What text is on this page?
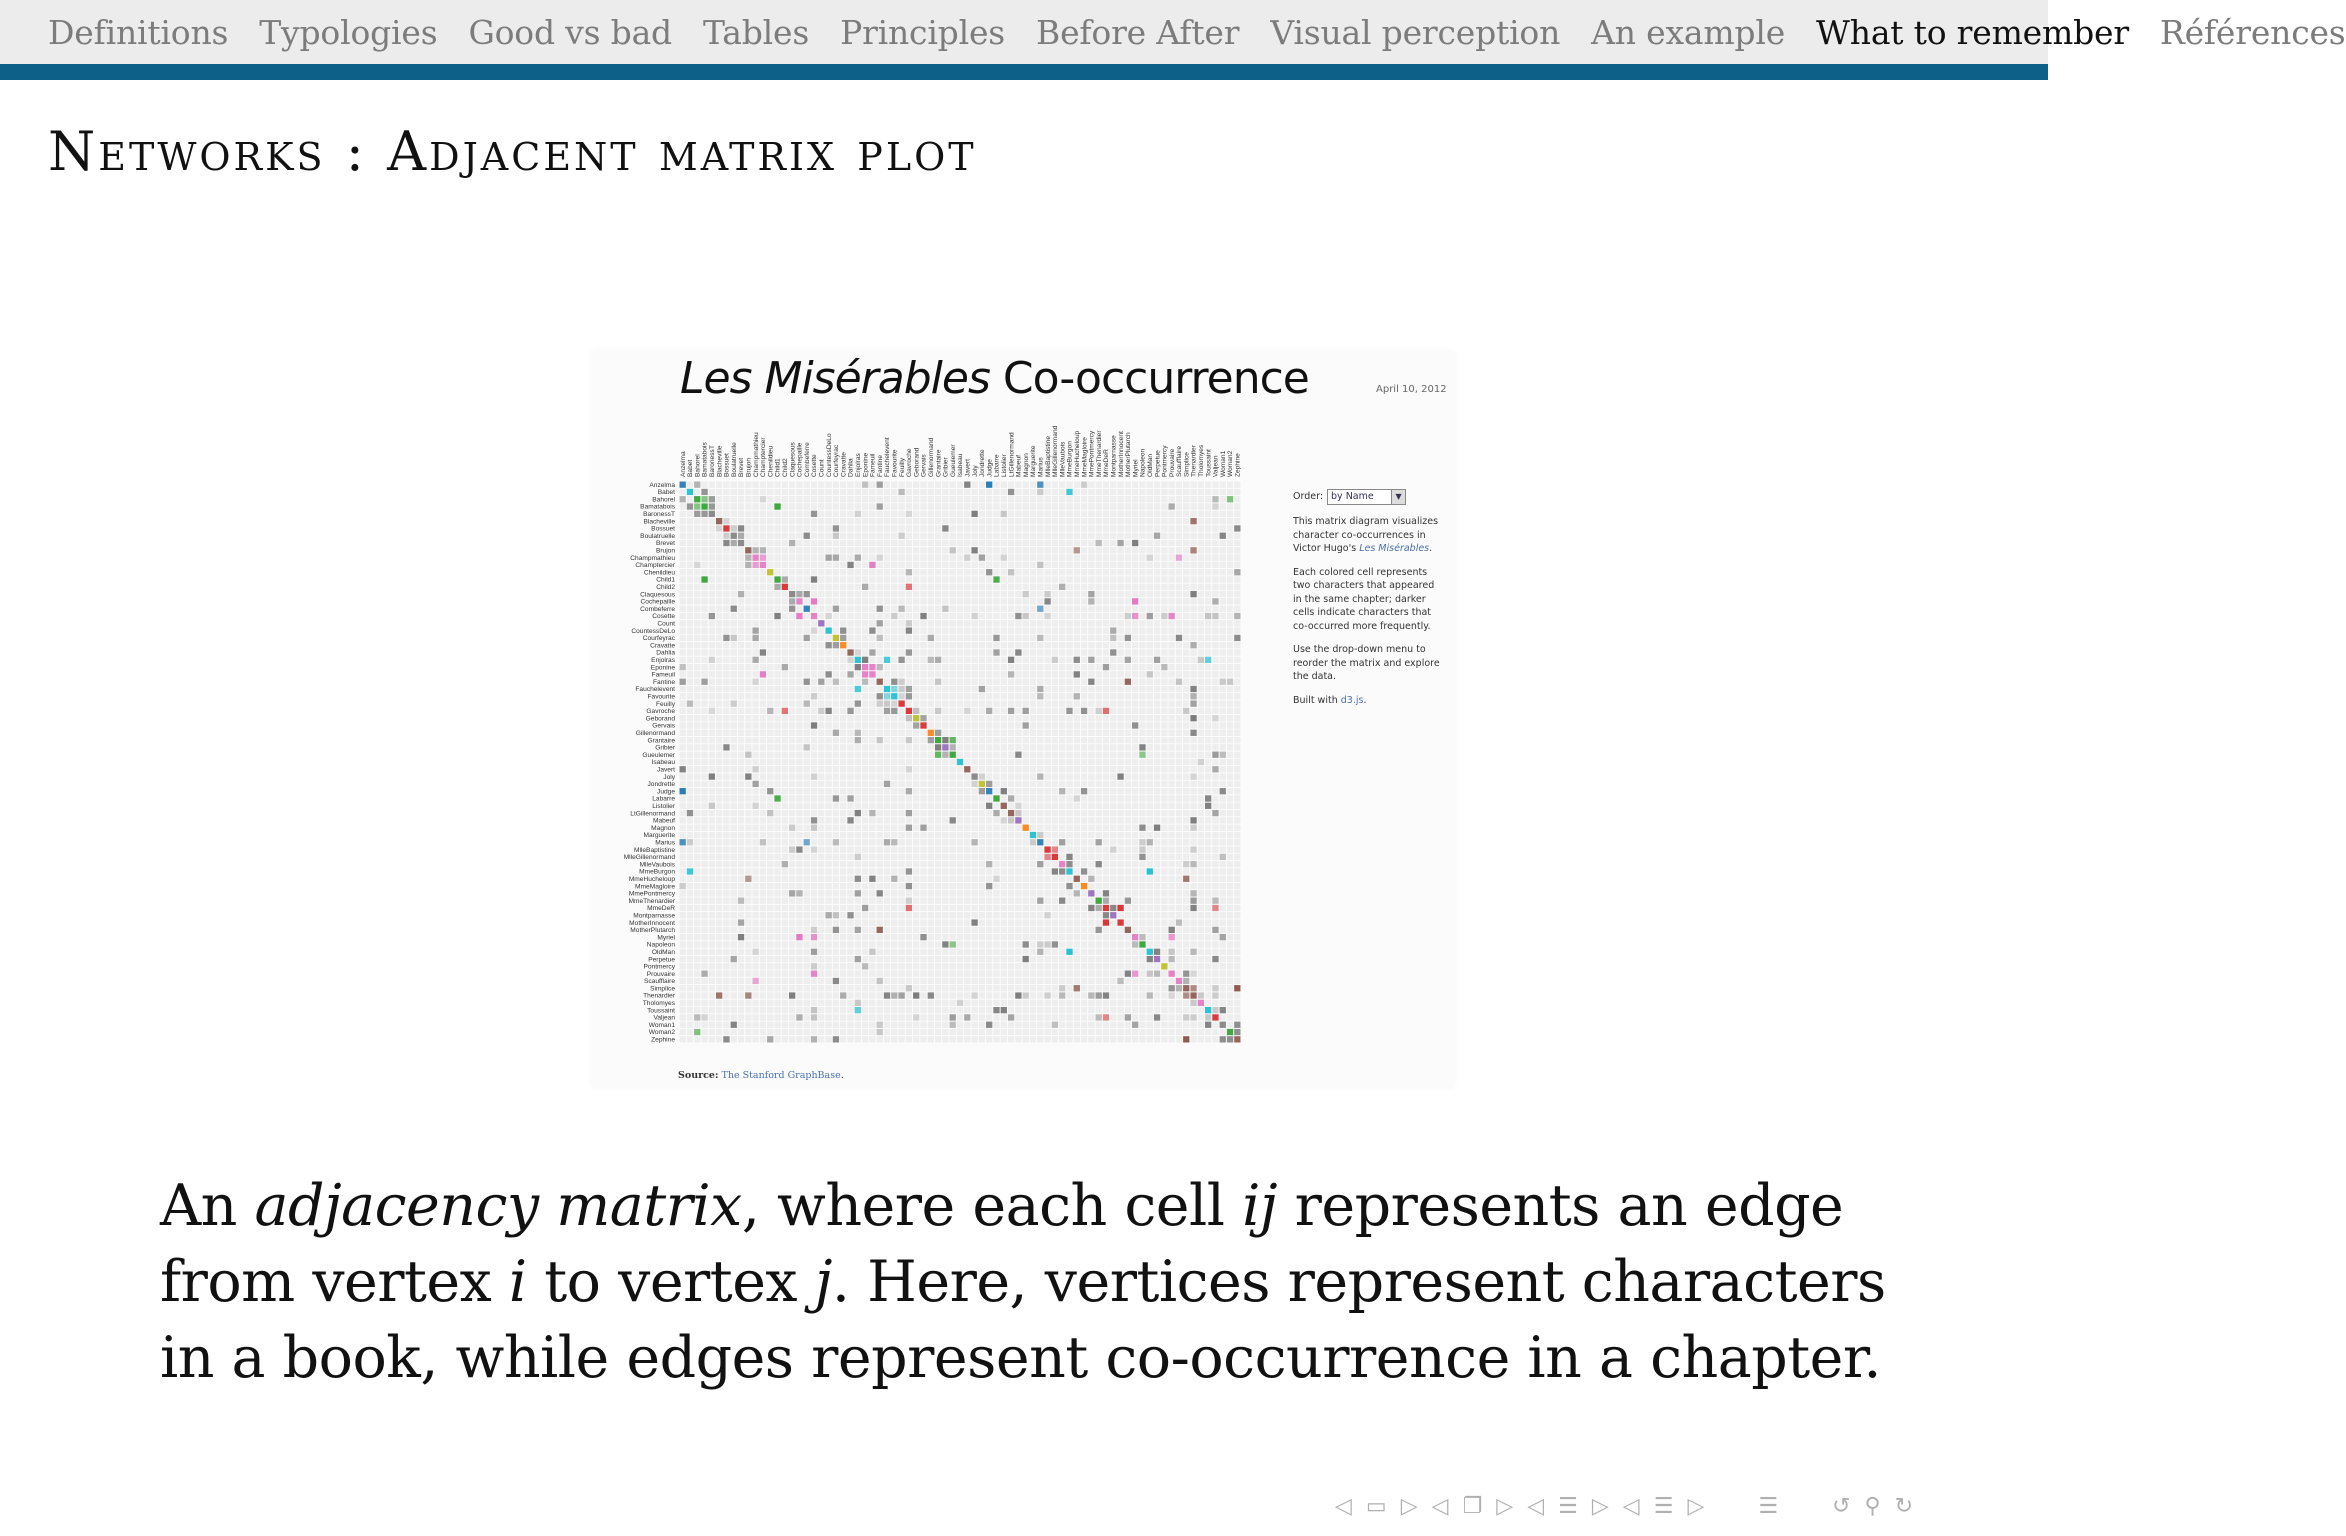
Definitions Typologies Good vs bad Tables Principles Before After Visual perception An example What to remember Références
Networks : Adjacent matrix plot
Les Misérables Co-occurrence	April 10, 2012
Anzelma
Anzelma
Babet
Babet
Bahorel
Bahorel
Bamatabois
Bamatabois
BaronessT
BaronessT
Blacheville
Blacheville
Bossuet
Bossuet
Boulatruelle
Boulatruelle
Brevet
Brevet
Brujon
Brujon
Champmathieu
Champmathieu
Champtercier
Champtercier
Chenildieu
Chenildieu
Child1
Child1
Child2
Child2
Claquesous
Claquesous
Cochepaille
Cochepaille
Combeferre
Combeferre
Cosette
Cosette
Count
Count
CountessDeLo
CountessDeLo
Courfeyrac
Courfeyrac
Cravatte
Cravatte
Dahlia
Dahlia
Enjolras
Enjolras
Eponine
Eponine
Fameuil
Fameuil
Fantine
Fantine
Fauchelevent
Fauchelevent
Favourite
Favourite
Feuilly
Feuilly
Gavroche
Gavroche
Geborand
Geborand
Gervais
Gervais
Gillenormand
Gillenormand
Grantaire
Grantaire
Gribier
Gribier
Gueulemer
Gueulemer
Isabeau
Isabeau
Javert
Javert
Joly
Joly
Jondrette
Jondrette
Judge
Judge
Labarre
Labarre
Listolier
Listolier
LtGillenormand
LtGillenormand
Mabeuf
Mabeuf
Magnon
Magnon
Marguerite
Marguerite
Marius
Marius
MlleBaptistine
MlleBaptistine
MlleGillenormand
MlleGillenormand
MlleVaubois
MlleVaubois
MmeBurgon
MmeBurgon
MmeHucheloup
MmeHucheloup
MmeMagloire
MmeMagloire
MmePontmercy
MmePontmercy
MmeThenardier
MmeThenardier
MmeDeR
MmeDeR
Montparnasse
Montparnasse
MotherInnocent
MotherInnocent
MotherPlutarch
MotherPlutarch
Myriel
Myriel
Napoleon
Napoleon
OldMan
OldMan
Perpetue
Perpetue
Pontmercy
Pontmercy
Prouvaire
Prouvaire
Scaufflaire
Scaufflaire
Simplice
Simplice
Thenardier
Thenardier
Tholomyes
Tholomyes
Toussaint
Toussaint
Valjean
Valjean
Woman1
Woman1
Woman2
Woman2
Zephine
Zephine
Order: by Name	▼

This matrix diagram visualizes character co-occurrences in Victor Hugo's Les Misérables.

Each colored cell represents two characters that appeared in the same chapter; darker cells indicate characters that co-occurred more frequently.

Use the drop-down menu to reorder the matrix and explore the data.

Built with d3.js.

Source: The Stanford GraphBase.
An adjacency matrix, where each cell ij represents an edge from vertex i to vertex j. Here, vertices represent characters in a book, while edges represent co-occurrence in a chapter.
◁ ▭ ▷ ◁ ❐ ▷ ◁ ☰ ▷ ◁ ☰ ▷ ☰ ↺ ⚲ ↻
